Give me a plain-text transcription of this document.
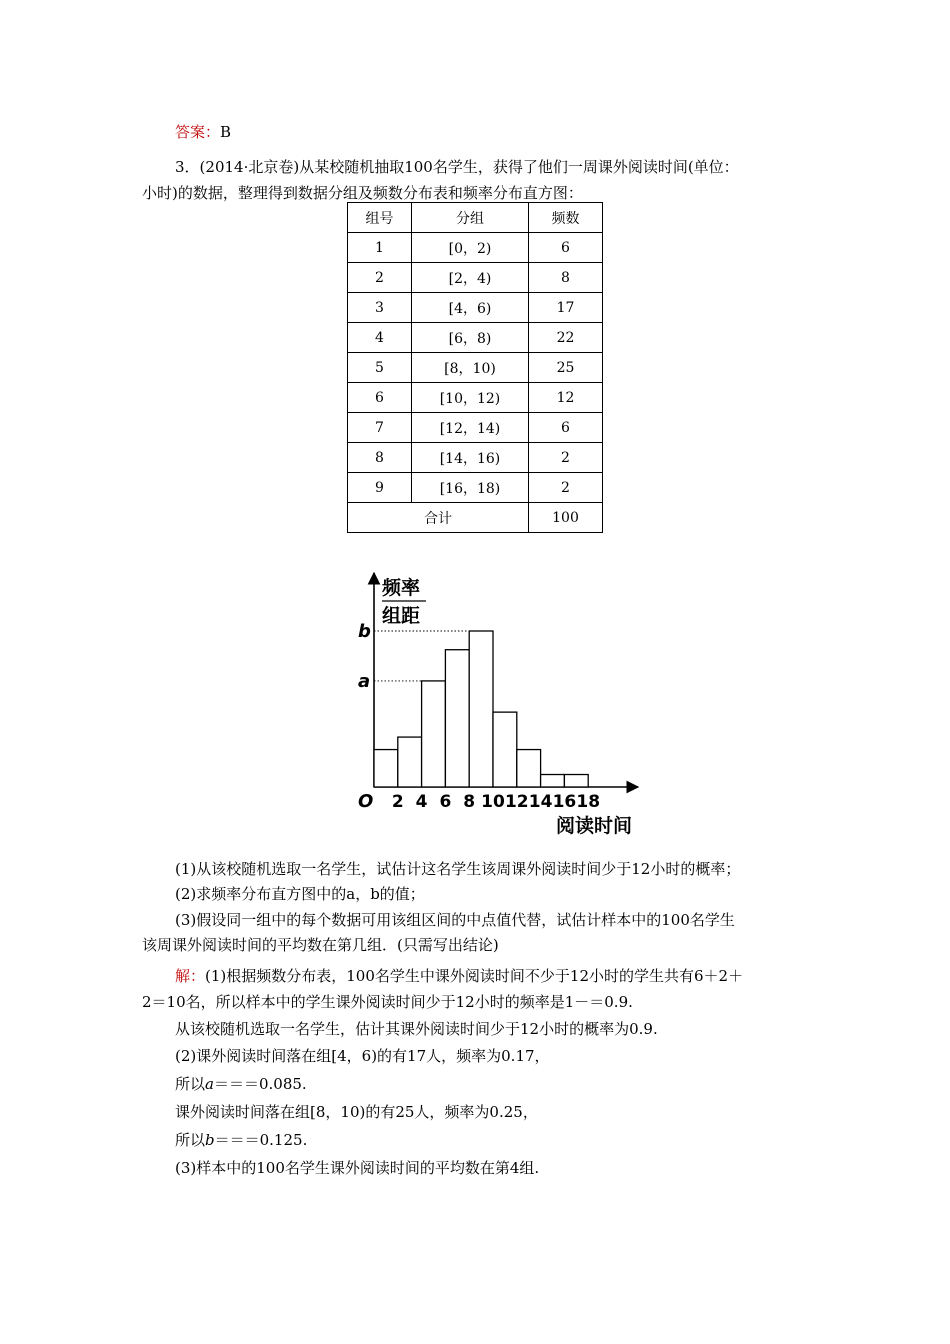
答案：B
3．(2014·北京卷)从某校随机抽取100名学生，获得了他们一周课外阅读时间(单位：
小时)的数据，整理得到数据分组及频数分布表和频率分布直方图：
组号	分组	频数
1	[0，2)	6
2	[2，4)	8
3	[4，6)	17
4	[6，8)	22
5	[8，10)	25
6	[10，12)	12
7	[12，14)	6
8	[14，16)	2
9	[16，18)	2
合计		100
a
b
2 4 6 8 10 12 14 16 18
频率
组距
O
阅读时间
(1)从该校随机选取一名学生，试估计这名学生该周课外阅读时间少于12小时的概率；
(2)求频率分布直方图中的a，b的值；
(3)假设同一组中的每个数据可用该组区间的中点值代替，试估计样本中的100名学生
该周课外阅读时间的平均数在第几组．(只需写出结论)
解：(1)根据频数分布表，100名学生中课外阅读时间不少于12小时的学生共有6＋2＋
2＝10名，所以样本中的学生课外阅读时间少于12小时的频率是1－＝0.9.
从该校随机选取一名学生，估计其课外阅读时间少于12小时的概率为0.9.
(2)课外阅读时间落在组[4，6)的有17人，频率为0.17，
所以a＝＝＝0.085.
课外阅读时间落在组[8，10)的有25人，频率为0.25，
所以b＝＝＝0.125.
(3)样本中的100名学生课外阅读时间的平均数在第4组.
